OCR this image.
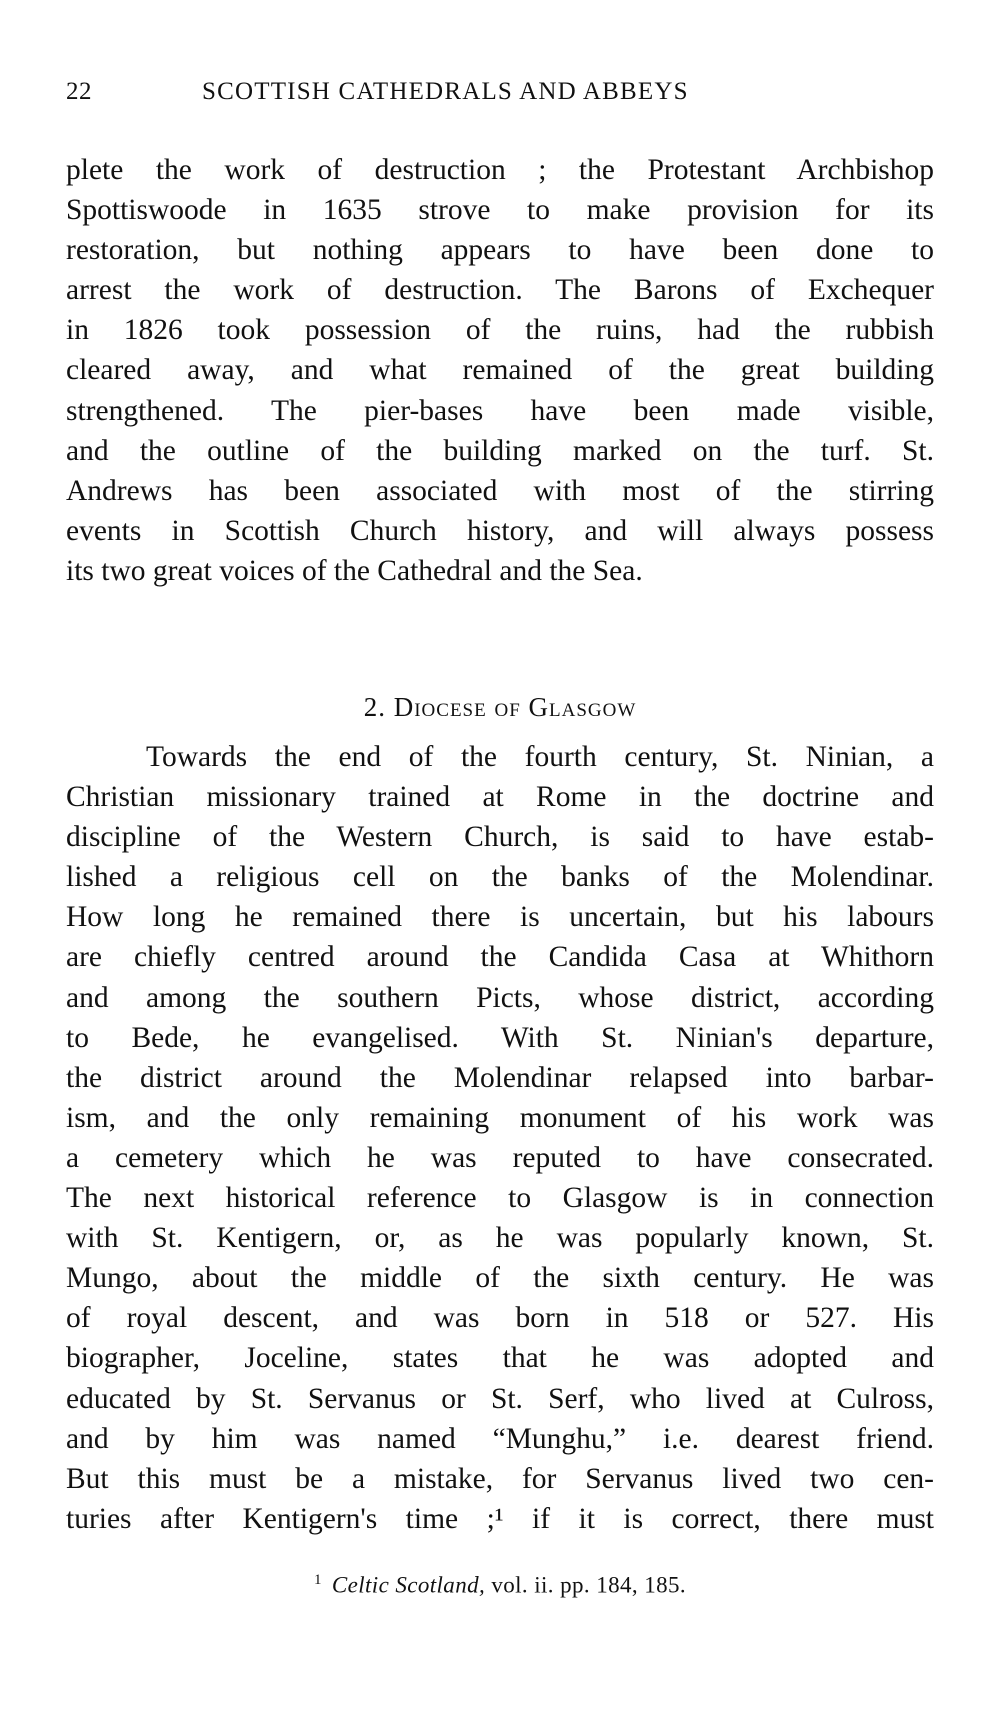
22	SCOTTISH CATHEDRALS AND ABBEYS
plete the work of destruction ; the Protestant Archbishop
Spottiswoode in 1635 strove to make provision for its
restoration, but nothing appears to have been done to
arrest the work of destruction. The Barons of Exchequer
in 1826 took possession of the ruins, had the rubbish
cleared away, and what remained of the great building
strengthened. The pier-bases have been made visible,
and the outline of the building marked on the turf. St.
Andrews has been associated with most of the stirring
events in Scottish Church history, and will always possess
its two great voices of the Cathedral and the Sea.
2. Diocese of Glasgow
Towards the end of the fourth century, St. Ninian, a
Christian missionary trained at Rome in the doctrine and
discipline of the Western Church, is said to have estab-
lished a religious cell on the banks of the Molendinar.
How long he remained there is uncertain, but his labours
are chiefly centred around the Candida Casa at Whithorn
and among the southern Picts, whose district, according
to Bede, he evangelised. With St. Ninian's departure,
the district around the Molendinar relapsed into barbar-
ism, and the only remaining monument of his work was
a cemetery which he was reputed to have consecrated.
The next historical reference to Glasgow is in connection
with St. Kentigern, or, as he was popularly known, St.
Mungo, about the middle of the sixth century. He was
of royal descent, and was born in 518 or 527. His
biographer, Joceline, states that he was adopted and
educated by St. Servanus or St. Serf, who lived at Culross,
and by him was named “Munghu,” i.e. dearest friend.
But this must be a mistake, for Servanus lived two cen-
turies after Kentigern's time ;¹ if it is correct, there must
$^1$ Celtic Scotland, vol. ii. pp. 184, 185.
